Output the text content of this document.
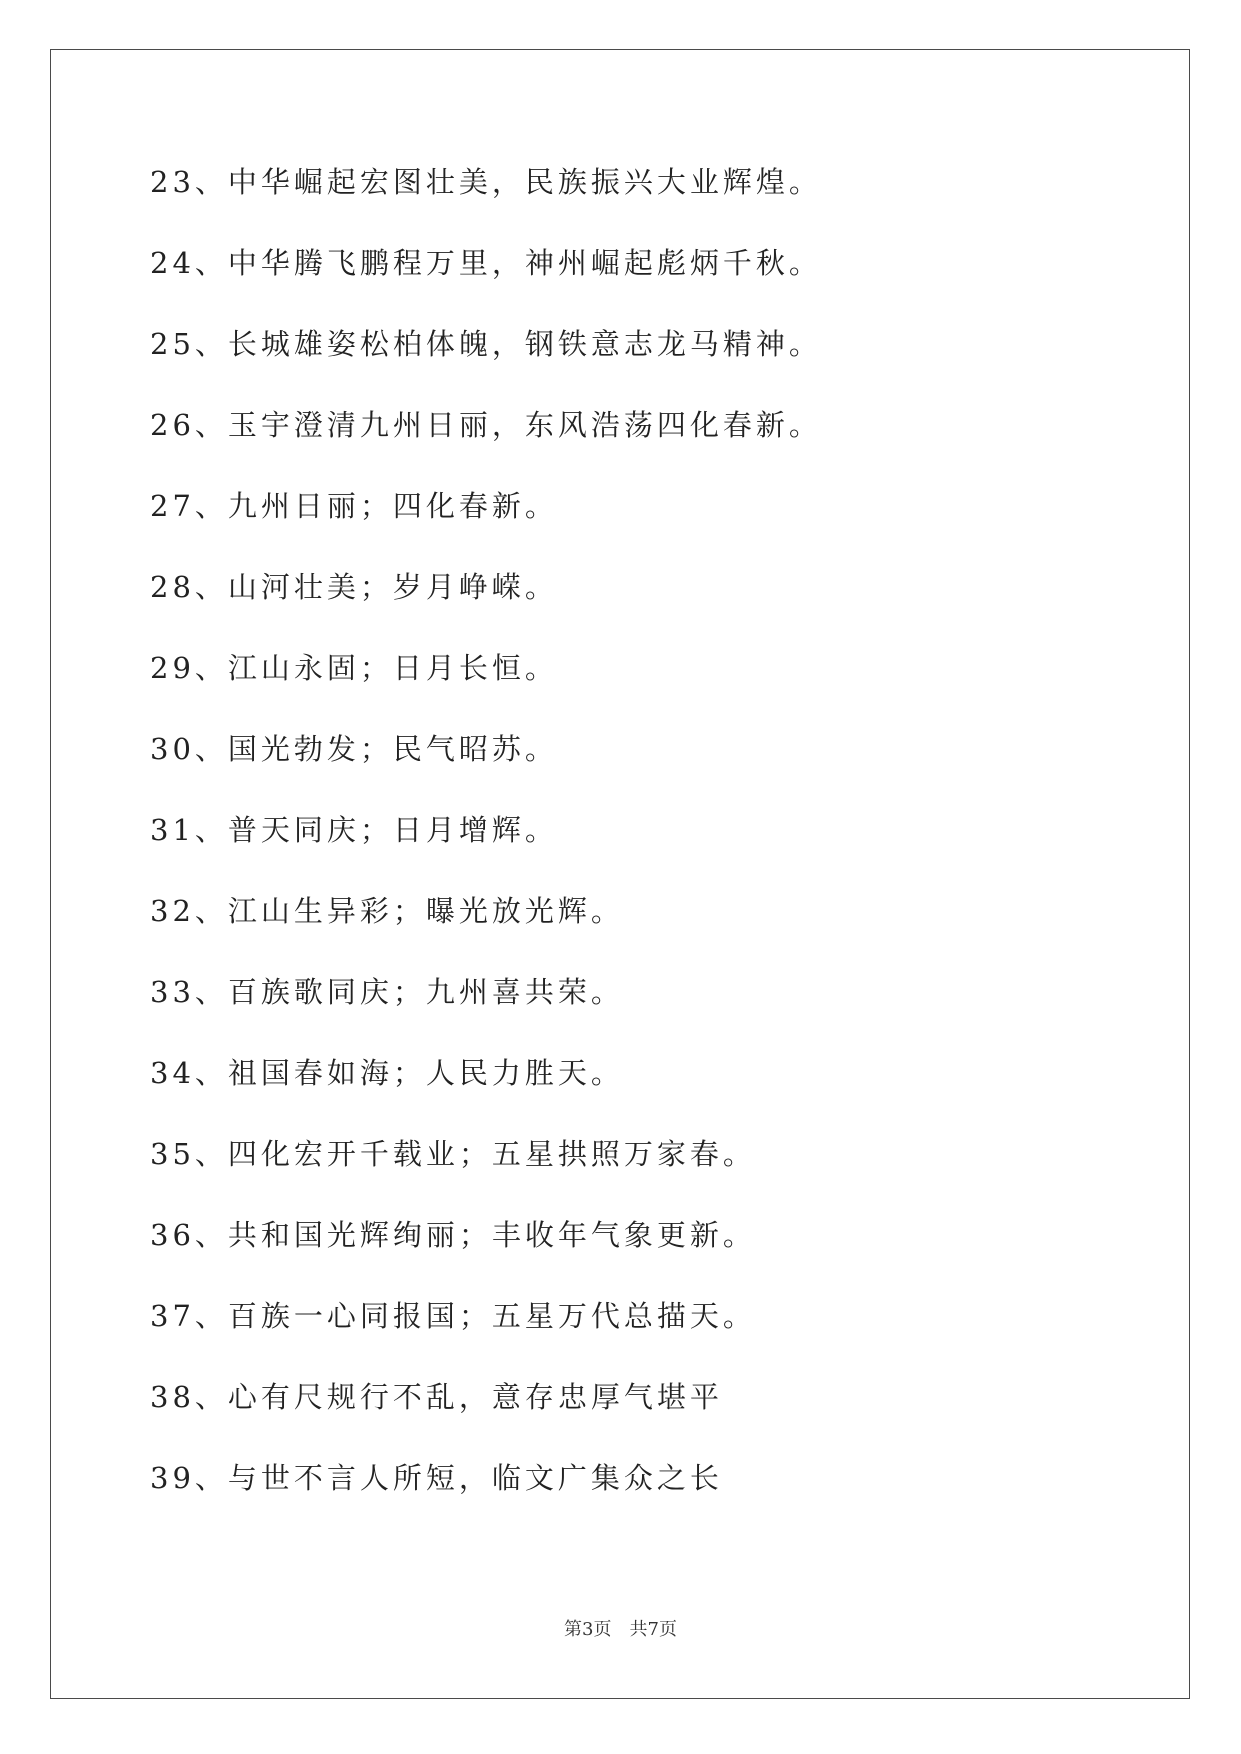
23、中华崛起宏图壮美，民族振兴大业辉煌。
24、中华腾飞鹏程万里，神州崛起彪炳千秋。
25、长城雄姿松柏体魄，钢铁意志龙马精神。
26、玉宇澄清九州日丽，东风浩荡四化春新。
27、九州日丽；四化春新。
28、山河壮美；岁月峥嵘。
29、江山永固；日月长恒。
30、国光勃发；民气昭苏。
31、普天同庆；日月增辉。
32、江山生异彩；曝光放光辉。
33、百族歌同庆；九州喜共荣。
34、祖国春如海；人民力胜天。
35、四化宏开千载业；五星拱照万家春。
36、共和国光辉绚丽；丰收年气象更新。
37、百族一心同报国；五星万代总描天。
38、心有尺规行不乱，意存忠厚气堪平
39、与世不言人所短，临文广集众之长
第3页 共7页
